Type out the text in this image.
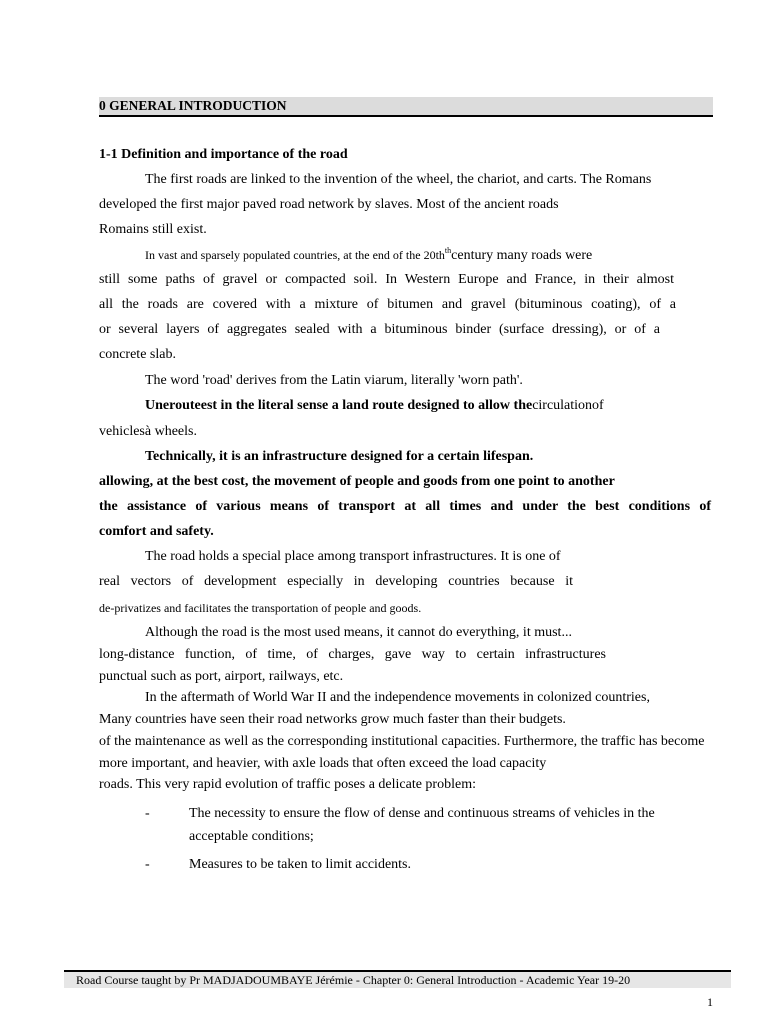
0 GENERAL INTRODUCTION
1-1 Definition and importance of the road
The first roads are linked to the invention of the wheel, the chariot, and carts. The Romans
developed the first major paved road network by slaves. Most of the ancient roads
Romains still exist.
In vast and sparsely populated countries, at the end of the $20th^{th}century$ many roads were
still some paths of gravel or compacted soil. In Western Europe and France, in their almost
all the roads are covered with a mixture of bitumen and gravel (bituminous coating), of a
or several layers of aggregates sealed with a bituminous binder (surface dressing), or of a
concrete slab.
The word 'road' derives from the Latin viarum, literally 'worn path'.
Unerouteest in the literal sense a land route designed to allow thecirculationof
vehiclesà wheels.
Technically, it is an infrastructure designed for a certain lifespan.
allowing, at the best cost, the movement of people and goods from one point to another
the assistance of various means of transport at all times and under the best conditions of
comfort and safety.
The road holds a special place among transport infrastructures. It is one of
real vectors of development especially in developing countries because it
de-privatizes and facilitates the transportation of people and goods.
Although the road is the most used means, it cannot do everything, it must...
long-distance function, of time, of charges, gave way to certain infrastructures
punctual such as port, airport, railways, etc.
In the aftermath of World War II and the independence movements in colonized countries,
Many countries have seen their road networks grow much faster than their budgets.
of the maintenance as well as the corresponding institutional capacities. Furthermore, the traffic has become
more important, and heavier, with axle loads that often exceed the load capacity
roads. This very rapid evolution of traffic poses a delicate problem:
-	The necessity to ensure the flow of dense and continuous streams of vehicles in the
acceptable conditions;
-	Measures to be taken to limit accidents.
Road Course taught by Pr MADJADOUMBAYE Jérémie - Chapter 0: General Introduction - Academic Year 19-20
1
